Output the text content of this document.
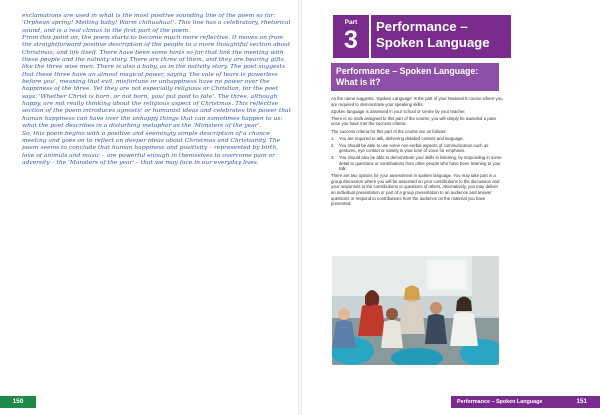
exclamations are used in what is the most positive sounding line of the poem so far: 'Orphean spring! Melting baby! Warm chihuahua!'. This line has a celebratory, rhetorical sound, and is a real climax to the first part of the poem.

From this point on, the poem starts to become much more reflective. It moves on from the straightforward positive description of the people to a more thoughtful section about Christmas, and life itself. There have been some hints so far that link the meeting with these people and the nativity story. There are three of them, and they are bearing gifts, like the three wise men. There is also a baby, as in the nativity story. The poet suggests that these three have an almost magical power, saying 'the vale of tears is powerless before you', meaning that evil, misfortune or unhappiness have no power over the happiness of the three. Yet they are not especially religious or Christian, for the poet says: 'Whether Christ is born, or not born, you/ put paid to fate'. The three, although happy, are not really thinking about the religious aspect of Christmas. This reflective section of the poem introduces agnostic or humanist ideas and celebrates the power that human happiness can have over the unhappy things that can sometimes happen to us: what the poet describes in a disturbing metaphor as the 'Monsters of the year'.

So, this poem begins with a positive and seemingly simple description of a chance meeting and goes on to reflect on deeper ideas about Christmas and Christianity. The poem seems to conclude that human happiness and positivity – represented by birth, love of animals and music – are powerful enough in themselves to overcome pain or adversity – the 'Monsters of the year' – that we may face in our everyday lives.

150
Part
3	Performance – Spoken Language
Performance – Spoken Language: What is it?

As the name suggests, 'Spoken Language' is the part of your National 5 course where you are required to demonstrate your speaking skills.

Spoken language is assessed in your school or centre by your teacher.

There is no mark assigned to this part of the course; you will simply be awarded a pass once you have met the success criteria.

The success criteria for this part of the course are as follows:

1. You are required to talk, delivering detailed content and language.
2. You should be able to use some non-verbal aspects of communication such as gestures, eye contact or variety in your tone of voice for emphasis.
3. You should also be able to demonstrate your skills in listening, by responding in some detail to questions or contributions from other people who have been listening to your talk.

There are two options for your assessment in spoken language. You may take part in a group discussion where you will be assessed on your contributions to the discussion and your responses to the contributions or questions of others. Alternatively, you may deliver an individual presentation or part of a group presentation to an audience and answer questions or respond to contributions from the audience on the material you have presented.

Performance – Spoken Language	151
